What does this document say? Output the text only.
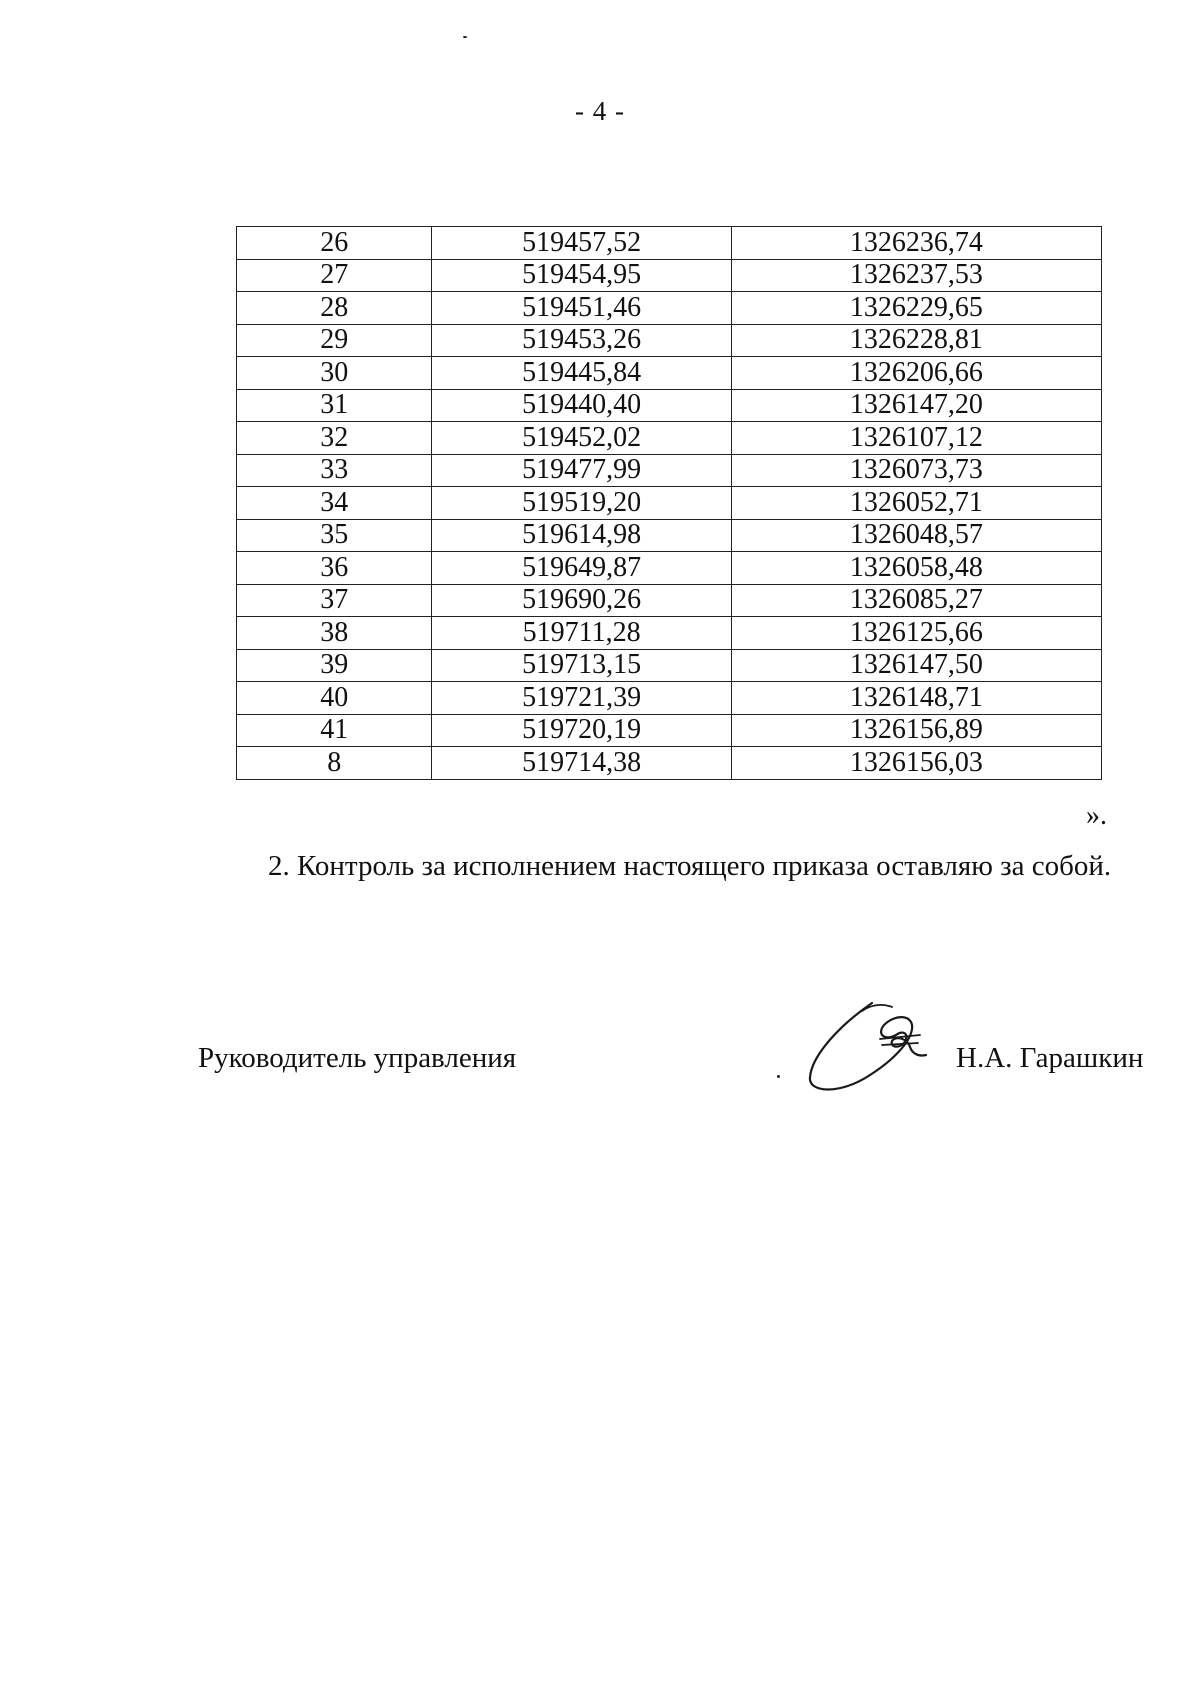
- 4 -
26	519457,52	1326236,74
27	519454,95	1326237,53
28	519451,46	1326229,65
29	519453,26	1326228,81
30	519445,84	1326206,66
31	519440,40	1326147,20
32	519452,02	1326107,12
33	519477,99	1326073,73
34	519519,20	1326052,71
35	519614,98	1326048,57
36	519649,87	1326058,48
37	519690,26	1326085,27
38	519711,28	1326125,66
39	519713,15	1326147,50
40	519721,39	1326148,71
41	519720,19	1326156,89
8	519714,38	1326156,03
».
2. Контроль за исполнением настоящего приказа оставляю за собой.
Руководитель управления	Н.А. Гарашкин
